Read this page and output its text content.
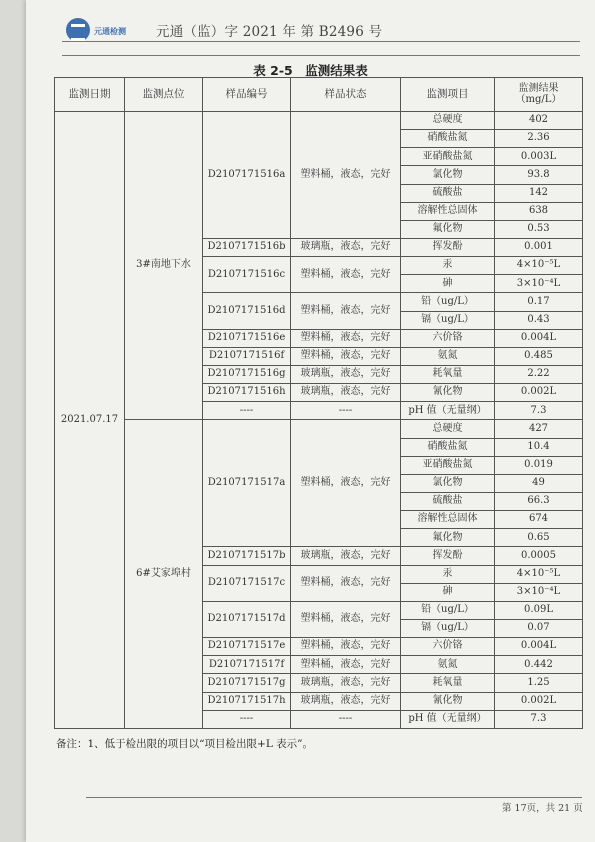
元通检测 元通（监）字 2021 年 第 B2496 号
表 2-5　监测结果表
监测日期	监测点位	样品编号	样品状态	监测项目	监测结果
（mg/L）
2021.07.17	3#南地下水	D2107171516a	塑料桶，液态，完好	总硬度	402
				硝酸盐氮	2.36
				亚硝酸盐氮	0.003L
				氯化物	93.8
				硫酸盐	142
				溶解性总固体	638
				氟化物	0.53
		D2107171516b	玻璃瓶，液态，完好	挥发酚	0.001
		D2107171516c	塑料桶，液态，完好	汞	4×10⁻⁵L
				砷	3×10⁻⁴L
		D2107171516d	塑料桶，液态，完好	铅（ug/L）	0.17
				镉（ug/L）	0.43
		D2107171516e	塑料桶，液态，完好	六价铬	0.004L
		D2107171516f	塑料桶，液态，完好	氨氮	0.485
		D2107171516g	玻璃瓶，液态，完好	耗氧量	2.22
		D2107171516h	玻璃瓶，液态，完好	氰化物	0.002L
		----	----	pH 值（无量纲）	7.3
	6#艾家埠村	D2107171517a	塑料桶，液态，完好	总硬度	427
				硝酸盐氮	10.4
				亚硝酸盐氮	0.019
				氯化物	49
				硫酸盐	66.3
				溶解性总固体	674
				氟化物	0.65
		D2107171517b	玻璃瓶，液态，完好	挥发酚	0.0005
		D2107171517c	塑料桶，液态，完好	汞	4×10⁻⁵L
				砷	3×10⁻⁴L
		D2107171517d	塑料桶，液态，完好	铅（ug/L）	0.09L
				镉（ug/L）	0.07
		D2107171517e	塑料桶，液态，完好	六价铬	0.004L
		D2107171517f	塑料桶，液态，完好	氨氮	0.442
		D2107171517g	玻璃瓶，液态，完好	耗氧量	1.25
		D2107171517h	玻璃瓶，液态，完好	氰化物	0.002L
		----	----	pH 值（无量纲）	7.3
备注：1、低于检出限的项目以“项目检出限+L 表示”。
第 17页，共 21 页
